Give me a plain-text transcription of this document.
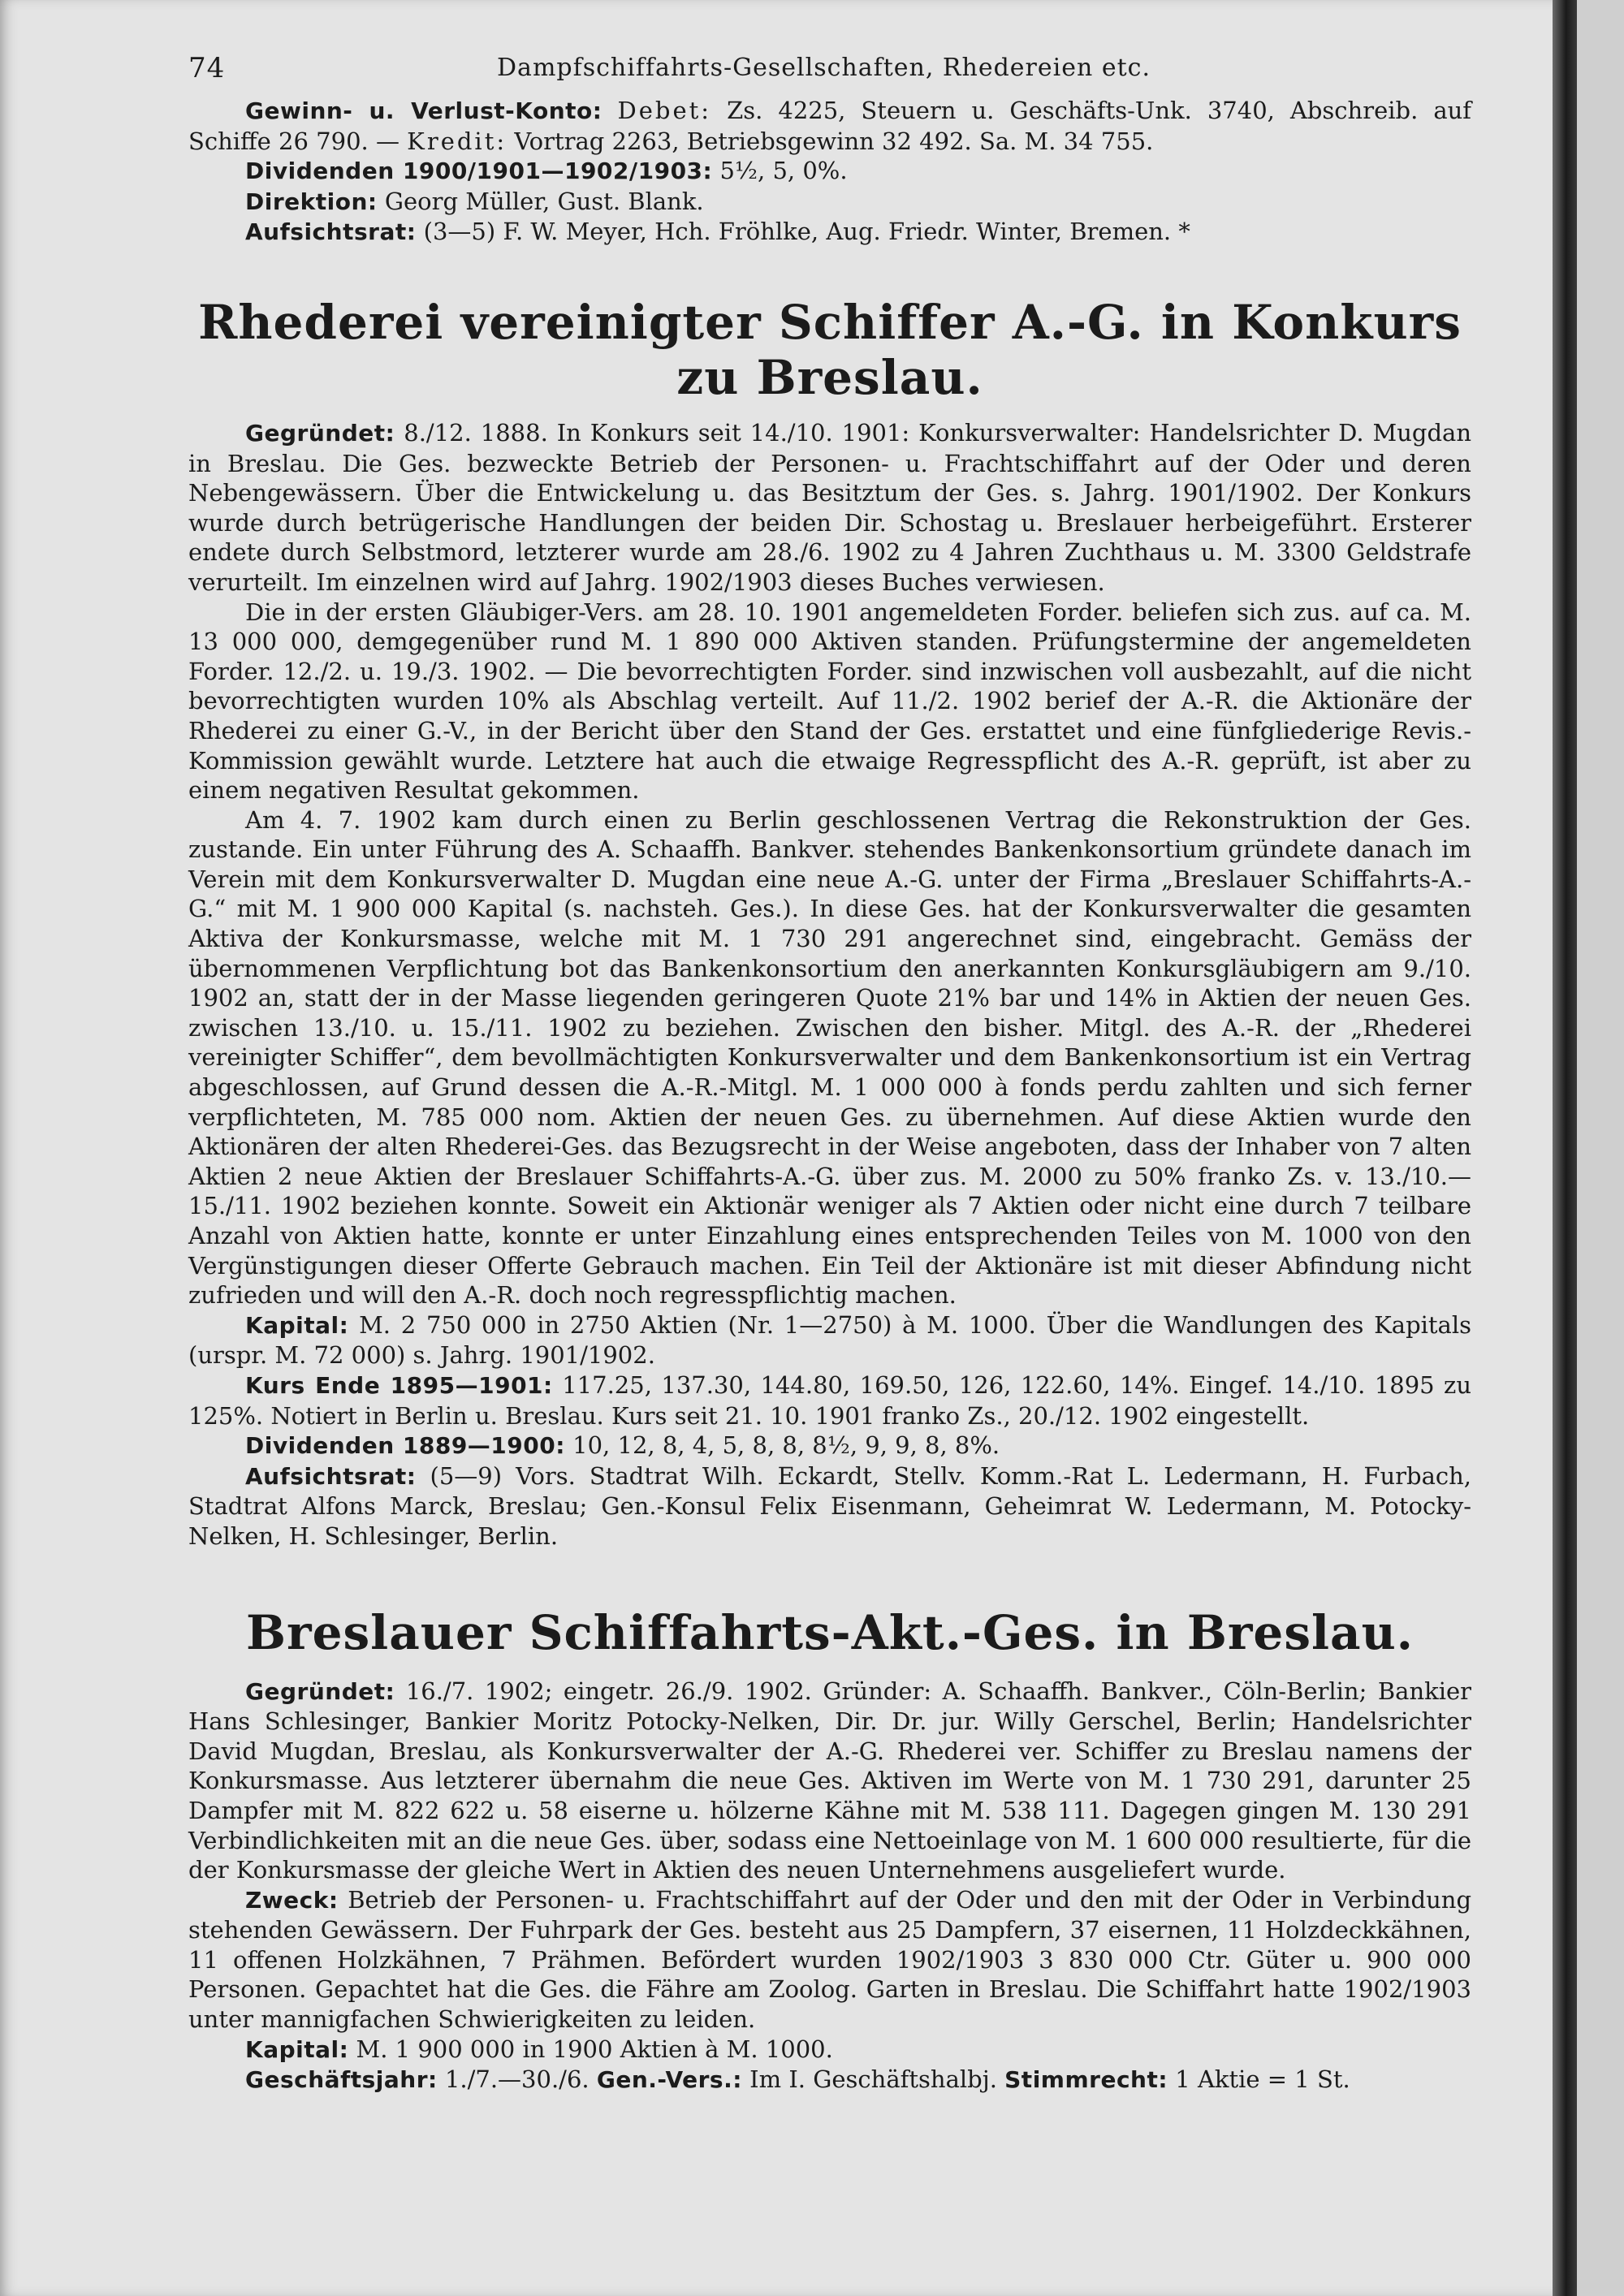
74	Dampfschiffahrts-Gesellschaften, Rhedereien etc.

Gewinn- u. Verlust-Konto: Debet: Zs. 4225, Steuern u. Geschäfts-Unk. 3740, Abschreib. auf Schiffe 26 790. — Kredit: Vortrag 2263, Betriebsgewinn 32 492. Sa. M. 34 755.

Dividenden 1900/1901—1902/1903: 5½, 5, 0%.

Direktion: Georg Müller, Gust. Blank.

Aufsichtsrat: (3—5) F. W. Meyer, Hch. Fröhlke, Aug. Friedr. Winter, Bremen. *

Rhederei vereinigter Schiffer A.-G. in Konkurs zu Breslau.

Gegründet: 8./12. 1888. In Konkurs seit 14./10. 1901: Konkursverwalter: Handelsrichter D. Mugdan in Breslau. Die Ges. bezweckte Betrieb der Personen- u. Frachtschiffahrt auf der Oder und deren Nebengewässern. Über die Entwickelung u. das Besitztum der Ges. s. Jahrg. 1901/1902. Der Konkurs wurde durch betrügerische Handlungen der beiden Dir. Schostag u. Breslauer herbeigeführt. Ersterer endete durch Selbstmord, letzterer wurde am 28./6. 1902 zu 4 Jahren Zuchthaus u. M. 3300 Geldstrafe verurteilt. Im einzelnen wird auf Jahrg. 1902/1903 dieses Buches verwiesen.

Die in der ersten Gläubiger-Vers. am 28. 10. 1901 angemeldeten Forder. beliefen sich zus. auf ca. M. 13 000 000, demgegenüber rund M. 1 890 000 Aktiven standen. Prüfungstermine der angemeldeten Forder. 12./2. u. 19./3. 1902. — Die bevorrechtigten Forder. sind inzwischen voll ausbezahlt, auf die nicht bevorrechtigten wurden 10% als Abschlag verteilt. Auf 11./2. 1902 berief der A.-R. die Aktionäre der Rhederei zu einer G.-V., in der Bericht über den Stand der Ges. erstattet und eine fünfgliederige Revis.-Kommission gewählt wurde. Letztere hat auch die etwaige Regresspflicht des A.-R. geprüft, ist aber zu einem negativen Resultat gekommen.

Am 4. 7. 1902 kam durch einen zu Berlin geschlossenen Vertrag die Rekonstruktion der Ges. zustande. Ein unter Führung des A. Schaaffh. Bankver. stehendes Bankenkonsortium gründete danach im Verein mit dem Konkursverwalter D. Mugdan eine neue A.-G. unter der Firma „Breslauer Schiffahrts-A.-G.“ mit M. 1 900 000 Kapital (s. nachsteh. Ges.). In diese Ges. hat der Konkursverwalter die gesamten Aktiva der Konkursmasse, welche mit M. 1 730 291 angerechnet sind, eingebracht. Gemäss der übernommenen Verpflichtung bot das Bankenkonsortium den anerkannten Konkursgläubigern am 9./10. 1902 an, statt der in der Masse liegenden geringeren Quote 21% bar und 14% in Aktien der neuen Ges. zwischen 13./10. u. 15./11. 1902 zu beziehen. Zwischen den bisher. Mitgl. des A.-R. der „Rhederei vereinigter Schiffer“, dem bevollmächtigten Konkursverwalter und dem Bankenkonsortium ist ein Vertrag abgeschlossen, auf Grund dessen die A.-R.-Mitgl. M. 1 000 000 à fonds perdu zahlten und sich ferner verpflichteten, M. 785 000 nom. Aktien der neuen Ges. zu übernehmen. Auf diese Aktien wurde den Aktionären der alten Rhederei-Ges. das Bezugsrecht in der Weise angeboten, dass der Inhaber von 7 alten Aktien 2 neue Aktien der Breslauer Schiffahrts-A.-G. über zus. M. 2000 zu 50% franko Zs. v. 13./10.—15./11. 1902 beziehen konnte. Soweit ein Aktionär weniger als 7 Aktien oder nicht eine durch 7 teilbare Anzahl von Aktien hatte, konnte er unter Einzahlung eines entsprechenden Teiles von M. 1000 von den Vergünstigungen dieser Offerte Gebrauch machen. Ein Teil der Aktionäre ist mit dieser Abfindung nicht zufrieden und will den A.-R. doch noch regresspflichtig machen.

Kapital: M. 2 750 000 in 2750 Aktien (Nr. 1—2750) à M. 1000. Über die Wandlungen des Kapitals (urspr. M. 72 000) s. Jahrg. 1901/1902.

Kurs Ende 1895—1901: 117.25, 137.30, 144.80, 169.50, 126, 122.60, 14%. Eingef. 14./10. 1895 zu 125%. Notiert in Berlin u. Breslau. Kurs seit 21. 10. 1901 franko Zs., 20./12. 1902 eingestellt.

Dividenden 1889—1900: 10, 12, 8, 4, 5, 8, 8, 8½, 9, 9, 8, 8%.

Aufsichtsrat: (5—9) Vors. Stadtrat Wilh. Eckardt, Stellv. Komm.-Rat L. Ledermann, H. Furbach, Stadtrat Alfons Marck, Breslau; Gen.-Konsul Felix Eisenmann, Geheimrat W. Ledermann, M. Potocky-Nelken, H. Schlesinger, Berlin.

Breslauer Schiffahrts-Akt.-Ges. in Breslau.

Gegründet: 16./7. 1902; eingetr. 26./9. 1902. Gründer: A. Schaaffh. Bankver., Cöln-Berlin; Bankier Hans Schlesinger, Bankier Moritz Potocky-Nelken, Dir. Dr. jur. Willy Gerschel, Berlin; Handelsrichter David Mugdan, Breslau, als Konkursverwalter der A.-G. Rhederei ver. Schiffer zu Breslau namens der Konkursmasse. Aus letzterer übernahm die neue Ges. Aktiven im Werte von M. 1 730 291, darunter 25 Dampfer mit M. 822 622 u. 58 eiserne u. hölzerne Kähne mit M. 538 111. Dagegen gingen M. 130 291 Verbindlichkeiten mit an die neue Ges. über, sodass eine Nettoeinlage von M. 1 600 000 resultierte, für die der Konkursmasse der gleiche Wert in Aktien des neuen Unternehmens ausgeliefert wurde.

Zweck: Betrieb der Personen- u. Frachtschiffahrt auf der Oder und den mit der Oder in Verbindung stehenden Gewässern. Der Fuhrpark der Ges. besteht aus 25 Dampfern, 37 eisernen, 11 Holzdeckkähnen, 11 offenen Holzkähnen, 7 Prähmen. Befördert wurden 1902/1903 3 830 000 Ctr. Güter u. 900 000 Personen. Gepachtet hat die Ges. die Fähre am Zoolog. Garten in Breslau. Die Schiffahrt hatte 1902/1903 unter mannigfachen Schwierigkeiten zu leiden.

Kapital: M. 1 900 000 in 1900 Aktien à M. 1000.

Geschäftsjahr: 1./7.—30./6. Gen.-Vers.: Im I. Geschäftshalbj. Stimmrecht: 1 Aktie = 1 St.
